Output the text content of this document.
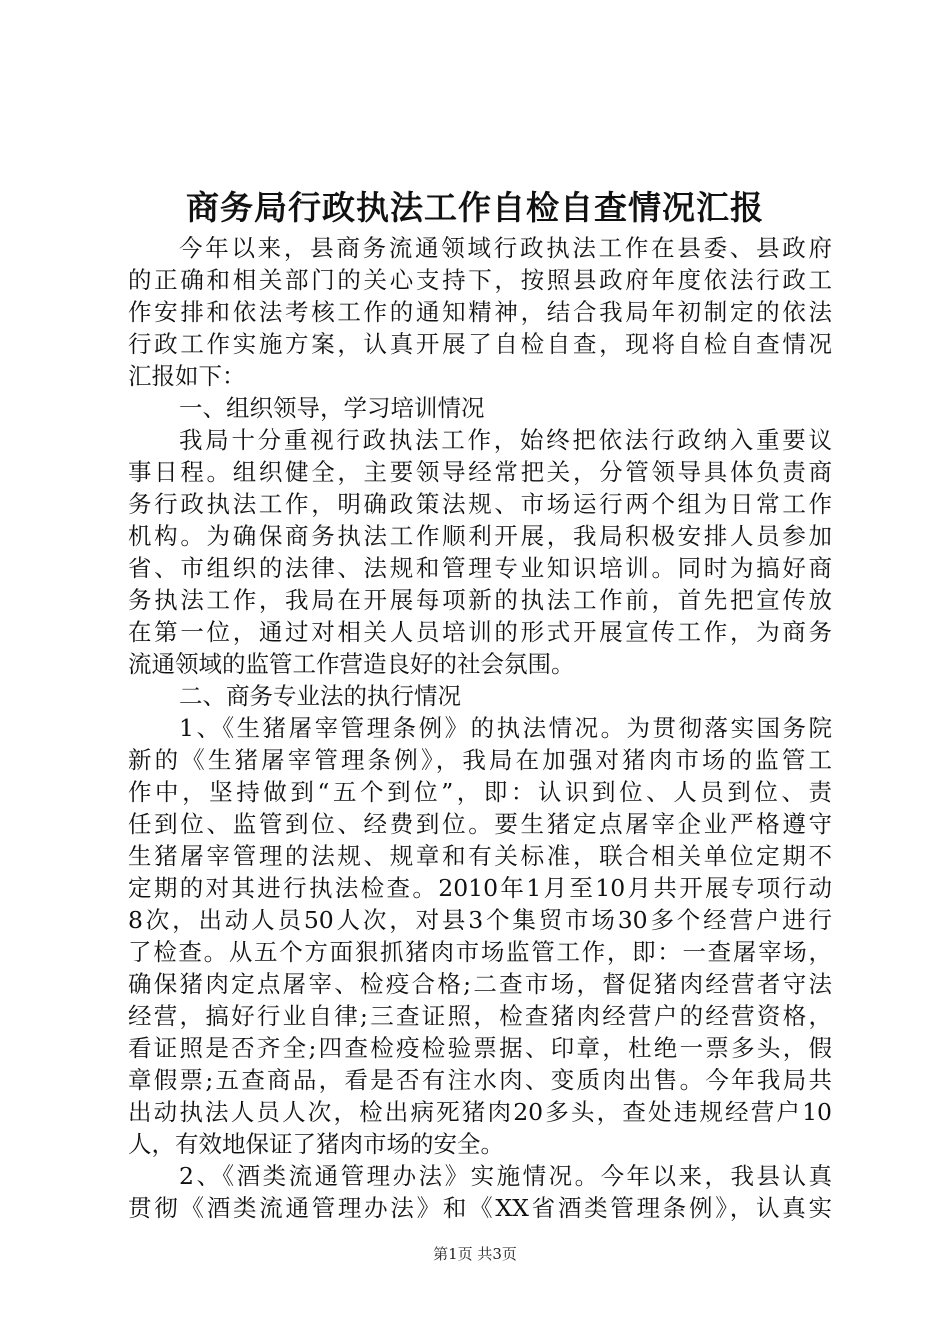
商务局行政执法工作自检自查情况汇报
今年以来，县商务流通领域行政执法工作在县委、县政府
的正确和相关部门的关心支持下，按照县政府年度依法行政工
作安排和依法考核工作的通知精神，结合我局年初制定的依法
行政工作实施方案，认真开展了自检自查，现将自检自查情况
汇报如下：
一、组织领导，学习培训情况
我局十分重视行政执法工作，始终把依法行政纳入重要议
事日程。组织健全，主要领导经常把关，分管领导具体负责商
务行政执法工作，明确政策法规、市场运行两个组为日常工作
机构。为确保商务执法工作顺利开展，我局积极安排人员参加
省、市组织的法律、法规和管理专业知识培训。同时为搞好商
务执法工作，我局在开展每项新的执法工作前，首先把宣传放
在第一位，通过对相关人员培训的形式开展宣传工作，为商务
流通领域的监管工作营造良好的社会氛围。
二、商务专业法的执行情况
1、《生猪屠宰管理条例》的执法情况。为贯彻落实国务院
新的《生猪屠宰管理条例》，我局在加强对猪肉市场的监管工
作中，坚持做到“五个到位”，即：认识到位、人员到位、责
任到位、监管到位、经费到位。要生猪定点屠宰企业严格遵守
生猪屠宰管理的法规、规章和有关标准，联合相关单位定期不
定期的对其进行执法检查。2010年1月至10月共开展专项行动
8次，出动人员50人次，对县3个集贸市场30多个经营户进行
了检查。从五个方面狠抓猪肉市场监管工作，即：一查屠宰场，
确保猪肉定点屠宰、检疫合格;二查市场，督促猪肉经营者守法
经营，搞好行业自律;三查证照，检查猪肉经营户的经营资格，
看证照是否齐全;四查检疫检验票据、印章，杜绝一票多头，假
章假票;五查商品，看是否有注水肉、变质肉出售。今年我局共
出动执法人员人次，检出病死猪肉20多头，查处违规经营户10
人，有效地保证了猪肉市场的安全。
2、《酒类流通管理办法》实施情况。今年以来，我县认真
贯彻《酒类流通管理办法》和《XX省酒类管理条例》，认真实
第1页 共3页
